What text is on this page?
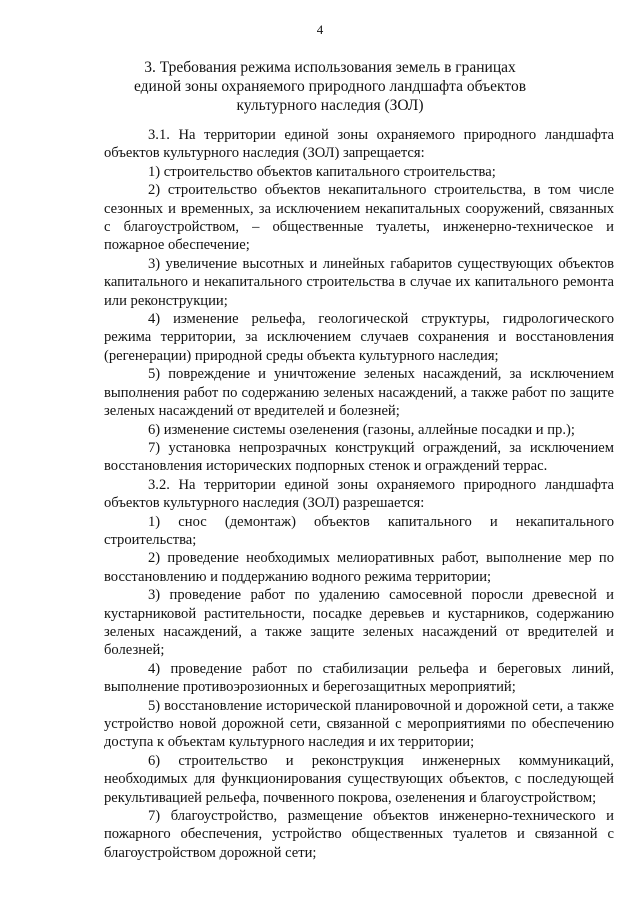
4
3. Требования режима использования земель в границах единой зоны охраняемого природного ландшафта объектов культурного наследия (ЗОЛ)

3.1. На территории единой зоны охраняемого природного ландшафта объектов культурного наследия (ЗОЛ) запрещается:

1) строительство объектов капитального строительства;

2) строительство объектов некапитального строительства, в том числе сезонных и временных, за исключением некапитальных сооружений, связанных с благоустройством, – общественные туалеты, инженерно-техническое и пожарное обеспечение;

3) увеличение высотных и линейных габаритов существующих объектов капитального и некапитального строительства в случае их капитального ремонта или реконструкции;

4) изменение рельефа, геологической структуры, гидрологического режима территории, за исключением случаев сохранения и восстановления (регенерации) природной среды объекта культурного наследия;

5) повреждение и уничтожение зеленых насаждений, за исключением выполнения работ по содержанию зеленых насаждений, а также работ по защите зеленых насаждений от вредителей и болезней;

6) изменение системы озеленения (газоны, аллейные посадки и пр.);

7) установка непрозрачных конструкций ограждений, за исключением восстановления исторических подпорных стенок и ограждений террас.

3.2. На территории единой зоны охраняемого природного ландшафта объектов культурного наследия (ЗОЛ) разрешается:

1) снос (демонтаж) объектов капитального и некапитального строительства;

2) проведение необходимых мелиоративных работ, выполнение мер по восстановлению и поддержанию водного режима территории;

3) проведение работ по удалению самосевной поросли древесной и кустарниковой растительности, посадке деревьев и кустарников, содержанию зеленых насаждений, а также защите зеленых насаждений от вредителей и болезней;

4) проведение работ по стабилизации рельефа и береговых линий, выполнение противоэрозионных и берегозащитных мероприятий;

5) восстановление исторической планировочной и дорожной сети, а также устройство новой дорожной сети, связанной с мероприятиями по обеспечению доступа к объектам культурного наследия и их территории;

6) строительство и реконструкция инженерных коммуникаций, необходимых для функционирования существующих объектов, с последующей рекультивацией рельефа, почвенного покрова, озеленения и благоустройством;

7) благоустройство, размещение объектов инженерно-технического и пожарного обеспечения, устройство общественных туалетов и связанной с благоустройством дорожной сети;
